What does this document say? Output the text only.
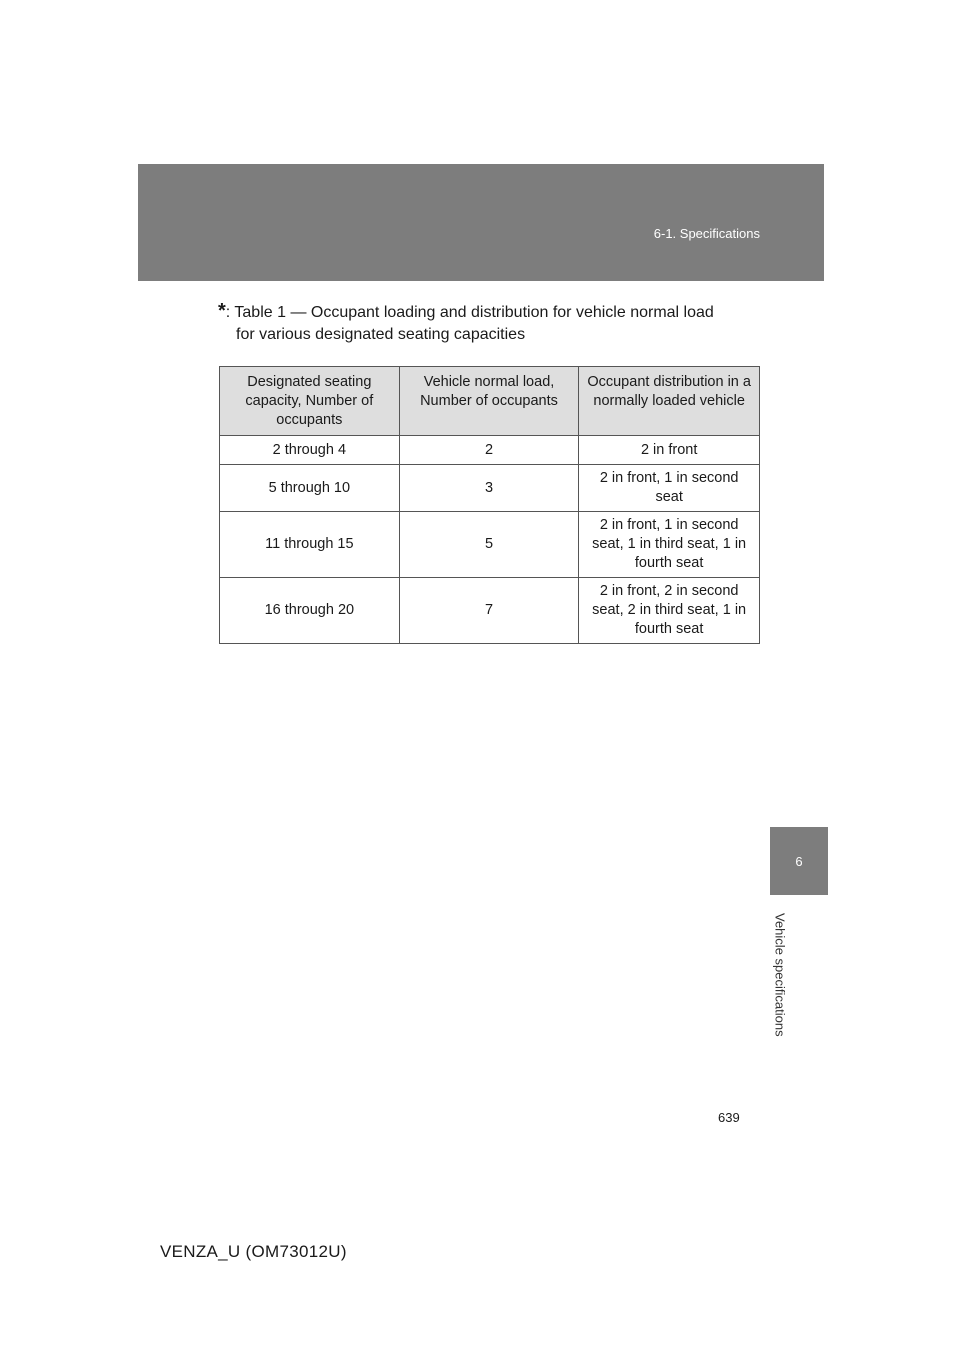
6-1. Specifications
*: Table 1 — Occupant loading and distribution for vehicle normal load
for various designated seating capacities
Designated seating capacity, Number of occupants	Vehicle normal load, Number of occupants	Occupant distribution in a normally loaded vehicle
2 through 4	2	2 in front
5 through 10	3	2 in front, 1 in second seat
11 through 15	5	2 in front, 1 in second seat, 1 in third seat, 1 in fourth seat
16 through 20	7	2 in front, 2 in second seat, 2 in third seat, 1 in fourth seat
6
Vehicle specifications
639
VENZA_U (OM73012U)
